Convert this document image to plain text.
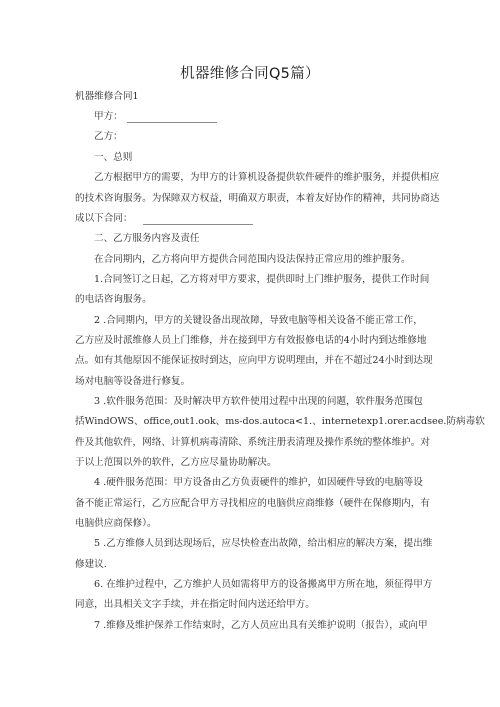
机器维修合同Q5篇）
机器维修合同1
甲方：
乙方：
一、总则
乙方根据甲方的需要，为甲方的计算机设备提供软件硬件的维护服务，并提供相应
的技术咨询服务。为保障双方权益，明确双方职责，本着友好协作的精神，共同协商达
成以下合同：
二、乙方服务内容及责任
在合同期内，乙方将向甲方提供合同范围内设法保持正常应用的维护服务。
1.合同签订之日起，乙方将对甲方要求，提供即时上门维护服务，提供工作时间
的电话咨询服务。
2 .合同期内，甲方的关键设备出现故障，导致电脑等相关设备不能正常工作，
乙方应及时派维修人员上门维修，并在接到甲方有效报修电话的4小时内到达维修地
点。如有其他原因不能保证按时到达，应向甲方说明理由，并在不超过24小时到达现
场对电脑等设备进行修复。
3 .软件服务范围：及时解决甲方软件使用过程中出现的问题，软件服务范围包
括WindOWS、office,out1.ook、ms-dos.autoca<1.、internetexp1.orer.acdsee.防病毒软
件及其他软件，网络、计算机病毒清除、系统注册表清理及操作系统的整体维护。对
于以上范围以外的软件，乙方应尽量协助解决。
4 .硬件服务范围：甲方设备由乙方负责硬件的维护，如因硬件导致的电脑等设
备不能正常运行，乙方应配合甲方寻找相应的电脑供应商维修（硬件在保修期内，有
电脑供应商保修）。
5 .乙方维修人员到达现场后，应尽快检查出故障，给出相应的解决方案，提出维
修建议.
6. 在维护过程中，乙方维护人员如需将甲方的设备搬离甲方所在地，须征得甲方
同意，出具相关文字手续，并在指定时间内送还给甲方。
7 .维修及维护保养工作结束时，乙方人员应出具有关维护说明（报告），或向甲
